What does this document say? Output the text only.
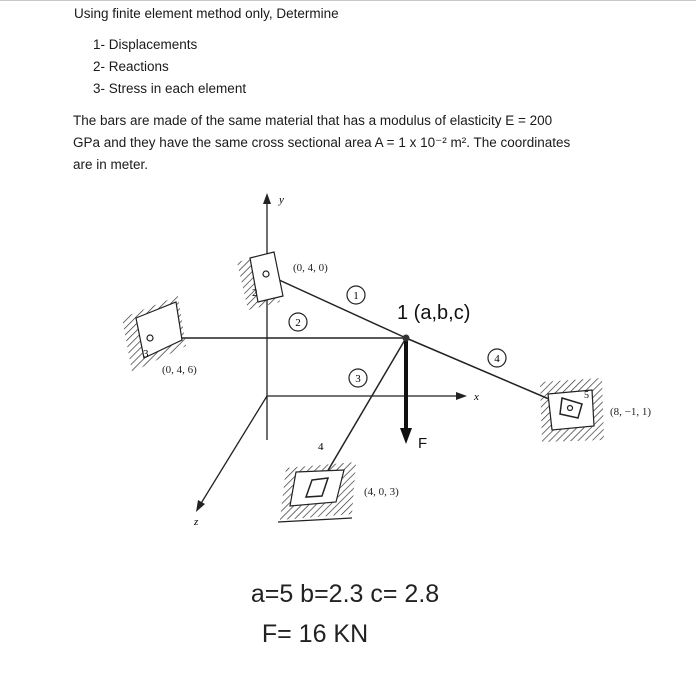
Using finite element method only, Determine
1- Displacements
2- Reactions
3- Stress in each element

The bars are made of the same material that has a modulus of elasticity E = 200
GPa and they have the same cross sectional area A = 1 x 10⁻² m². The coordinates
are in meter.

y
x
z
2
3
4
5
1
2
3
4
(0, 4, 0)
(0, 4, 6)
(4, 0, 3)
(8, −1, 1)
1 (a,b,c)
F
a=5 b=2.3 c= 2.8
F= 16 KN
